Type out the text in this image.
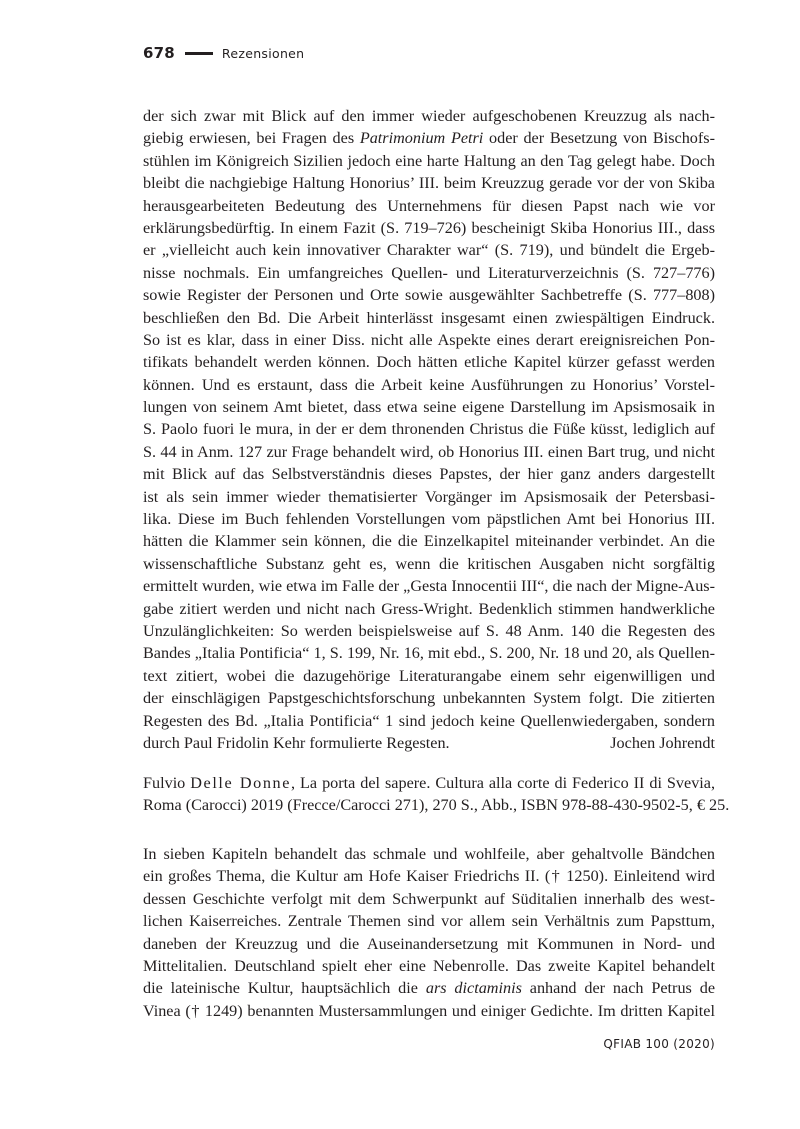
678	Rezensionen
der sich zwar mit Blick auf den immer wieder aufgeschobenen Kreuzzug als nach-
giebig erwiesen, bei Fragen des Patrimonium Petri oder der Besetzung von Bischofs-
stühlen im Königreich Sizilien jedoch eine harte Haltung an den Tag gelegt habe. Doch
bleibt die nachgiebige Haltung Honorius’ III. beim Kreuzzug gerade vor der von Skiba
herausgearbeiteten Bedeutung des Unternehmens für diesen Papst nach wie vor
erklärungsbedürftig. In einem Fazit (S. 719–726) bescheinigt Skiba Honorius III., dass
er „vielleicht auch kein innovativer Charakter war“ (S. 719), und bündelt die Ergeb-
nisse nochmals. Ein umfangreiches Quellen- und Literaturverzeichnis (S. 727–776)
sowie Register der Personen und Orte sowie ausgewählter Sachbetreffe (S. 777–808)
beschließen den Bd. Die Arbeit hinterlässt insgesamt einen zwiespältigen Eindruck.
So ist es klar, dass in einer Diss. nicht alle Aspekte eines derart ereignisreichen Pon-
tifikats behandelt werden können. Doch hätten etliche Kapitel kürzer gefasst werden
können. Und es erstaunt, dass die Arbeit keine Ausführungen zu Honorius’ Vorstel-
lungen von seinem Amt bietet, dass etwa seine eigene Darstellung im Apsismosaik in
S. Paolo fuori le mura, in der er dem thronenden Christus die Füße küsst, lediglich auf
S. 44 in Anm. 127 zur Frage behandelt wird, ob Honorius III. einen Bart trug, und nicht
mit Blick auf das Selbstverständnis dieses Papstes, der hier ganz anders dargestellt
ist als sein immer wieder thematisierter Vorgänger im Apsismosaik der Petersbasi-
lika. Diese im Buch fehlenden Vorstellungen vom päpstlichen Amt bei Honorius III.
hätten die Klammer sein können, die die Einzelkapitel miteinander verbindet. An die
wissenschaftliche Substanz geht es, wenn die kritischen Ausgaben nicht sorgfältig
ermittelt wurden, wie etwa im Falle der „Gesta Innocentii III“, die nach der Migne-Aus-
gabe zitiert werden und nicht nach Gress-Wright. Bedenklich stimmen handwerkliche
Unzulänglichkeiten: So werden beispielsweise auf S. 48 Anm. 140 die Regesten des
Bandes „Italia Pontificia“ 1, S. 199, Nr. 16, mit ebd., S. 200, Nr. 18 und 20, als Quellen-
text zitiert, wobei die dazugehörige Literaturangabe einem sehr eigenwilligen und
der einschlägigen Papstgeschichtsforschung unbekannten System folgt. Die zitierten
Regesten des Bd. „Italia Pontificia“ 1 sind jedoch keine Quellenwiedergaben, sondern
durch Paul Fridolin Kehr formulierte Regesten.	Jochen Johrendt
Fulvio Delle Donne, La porta del sapere. Cultura alla corte di Federico II di Svevia,
Roma (Carocci) 2019 (Frecce/Carocci 271), 270 S., Abb., ISBN 978-88-430-9502-5, € 25.
In sieben Kapiteln behandelt das schmale und wohlfeile, aber gehaltvolle Bändchen
ein großes Thema, die Kultur am Hofe Kaiser Friedrichs II. († 1250). Einleitend wird
dessen Geschichte verfolgt mit dem Schwerpunkt auf Süditalien innerhalb des west-
lichen Kaiserreiches. Zentrale Themen sind vor allem sein Verhältnis zum Papsttum,
daneben der Kreuzzug und die Auseinandersetzung mit Kommunen in Nord- und
Mittelitalien. Deutschland spielt eher eine Nebenrolle. Das zweite Kapitel behandelt
die lateinische Kultur, hauptsächlich die ars dictaminis anhand der nach Petrus de
Vinea († 1249) benannten Mustersammlungen und einiger Gedichte. Im dritten Kapitel
QFIAB 100 (2020)
